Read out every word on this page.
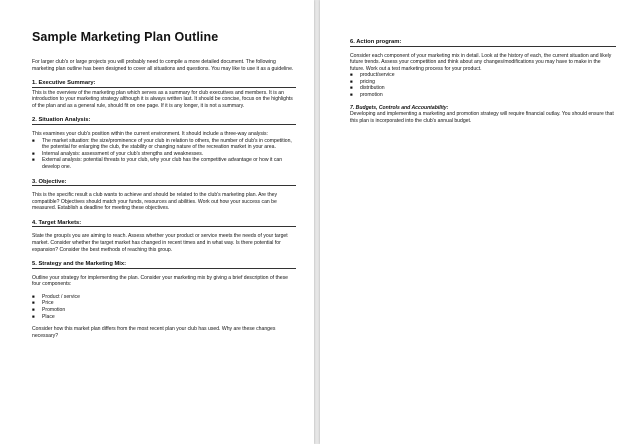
Sample Marketing Plan Outline

For larger club's or large projects you will probably need to compile a more detailed document. The following marketing plan outline has been designed to cover all situations and questions. You may like to use it as a guideline.

1. Executive Summary:

This is the overview of the marketing plan which serves as a summary for club executives and members. It is an introduction to your marketing strategy although it is always written last. It should be concise, focus on the highlights of the plan and as a general rule, should fit on one page. If it is any longer, it is not a summary.

2. Situation Analysis:

This examines your club's position within the current environment. It should include a three-way analysis:

■ The market situation: the size/prominence of your club in relation to others, the number of club's in competition, the potential for enlarging the club, the stability or changing nature of the recreation market in your area.
■ Internal analysis: assessment of your club's strengths and weaknesses.
■ External analysis: potential threats to your club, why your club has the competitive advantage or how it can develop one.
3. Objective:

This is the specific result a club wants to achieve and should be related to the club's marketing plan. Are they compatible? Objectives should match your funds, resources and abilities. Work out how your success can be measured. Establish a deadline for meeting these objectives.

4. Target Markets:

State the group/s you are aiming to reach. Assess whether your product or service meets the needs of your target market. Consider whether the target market has changed in recent times and in what way. Is there potential for expansion? Consider the best methods of reaching this group.

5. Strategy and the Marketing Mix:

Outline your strategy for implementing the plan. Consider your marketing mix by giving a brief description of these four components:

■ Product / service
■ Price
■ Promotion
■ Place

Consider how this market plan differs from the most recent plan your club has used. Why are these changes necessary?

6. Action program:

Consider each component of your marketing mix in detail. Look at the history of each, the current situation and likely future trends. Assess your competition and think about any changes/modifications you may have to make in the future. Work out a test marketing process for your product.

■ product/service
■ pricing
■ distribution
■ promotion
7. Budgets, Controls and Accountability:

Developing and implementing a marketing and promotion strategy will require financial outlay. You should ensure that this plan is incorporated into the club's annual budget.
